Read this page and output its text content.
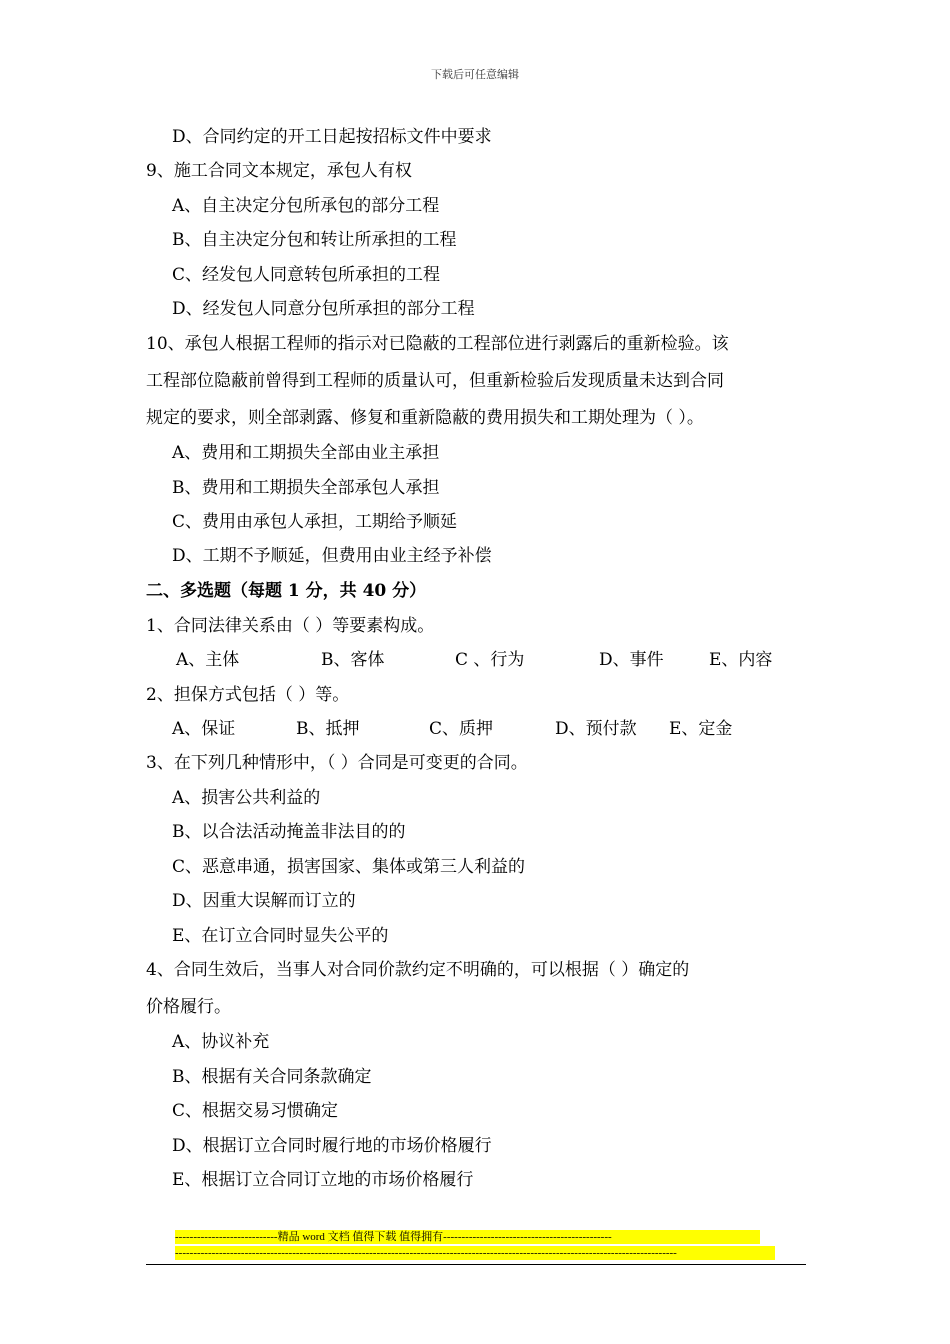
下载后可任意编辑
D、合同约定的开工日起按招标文件中要求
9、施工合同文本规定，承包人有权
A、自主决定分包所承包的部分工程
B、自主决定分包和转让所承担的工程
C、经发包人同意转包所承担的工程
D、经发包人同意分包所承担的部分工程
10、承包人根据工程师的指示对已隐蔽的工程部位进行剥露后的重新检验。该
工程部位隐蔽前曾得到工程师的质量认可，但重新检验后发现质量未达到合同
规定的要求，则全部剥露、修复和重新隐蔽的费用损失和工期处理为（ ）。
A、费用和工期损失全部由业主承担
B、费用和工期损失全部承包人承担
C、费用由承包人承担，工期给予顺延
D、工期不予顺延，但费用由业主经予补偿
二、多选题（每题 1 分，共 40 分）
1、合同法律关系由（ ）等要素构成。
A、主体	B、客体	C 、行为	D、事件	E、内容
2、担保方式包括（ ）等。
A、保证	B、抵押	C、质押	D、预付款 E、定金
3、在下列几种情形中，（ ）合同是可变更的合同。
A、损害公共利益的
B、以合法活动掩盖非法目的的
C、恶意串通，损害国家、集体或第三人利益的
D、因重大误解而订立的
E、在订立合同时显失公平的
4、合同生效后，当事人对合同价款约定不明确的，可以根据（ ）确定的
价格履行。
A、协议补充
B、根据有关合同条款确定
C、根据交易习惯确定
D、根据订立合同时履行地的市场价格履行
E、根据订立合同订立地的市场价格履行
----------------------------精品 word 文档 值得下载 值得拥有----------------------------------------------
-----------------------------------------------------------------------------------------------------------------------------------------
